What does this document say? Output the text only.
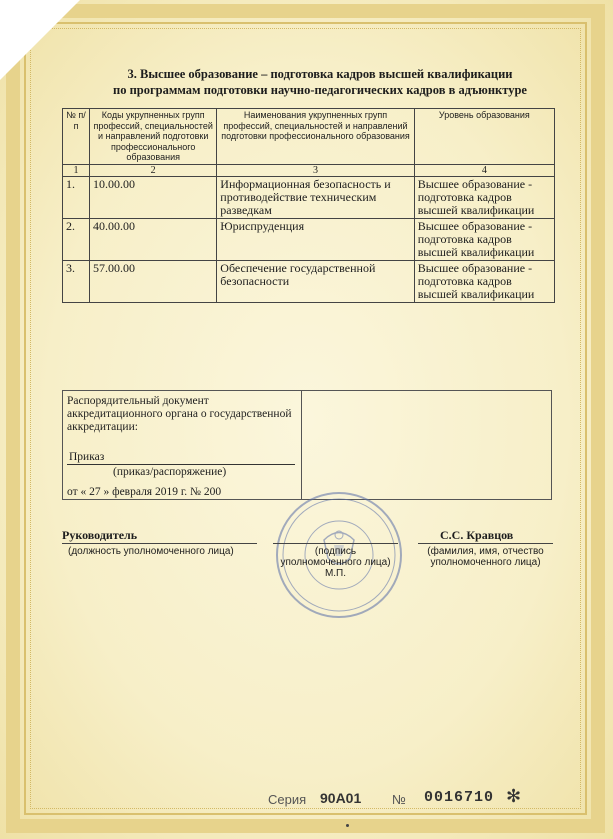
3. Высшее образование – подготовка кадров высшей квалификации
по программам подготовки научно-педагогических кадров в адъюнктуре
№ п/п	Коды укрупненных групп профессий, специальностей и направлений подготовки профессионального образования	Наименования укрупненных групп профессий, специальностей и направлений подготовки профессионального образования	Уровень образования
1	2	3	4
1.	10.00.00	Информационная безопасность и противодействие техническим разведкам	Высшее образование - подготовка кадров высшей квалификации
2.	40.00.00	Юриспруденция	Высшее образование - подготовка кадров высшей квалификации
3.	57.00.00	Обеспечение государственной безопасности	Высшее образование - подготовка кадров высшей квалификации
Распорядительный документ аккредитационного органа о государственной аккредитации:
Приказ
(приказ/распоряжение)
от « 27 » февраля 2019 г. № 200
Руководитель
(должность уполномоченного лица)	(подпись уполномоченного лица)
М.П.
С.С. Кравцов
(фамилия, имя, отчество уполномоченного лица)
Серия 90А01 № 0016710 ✻
